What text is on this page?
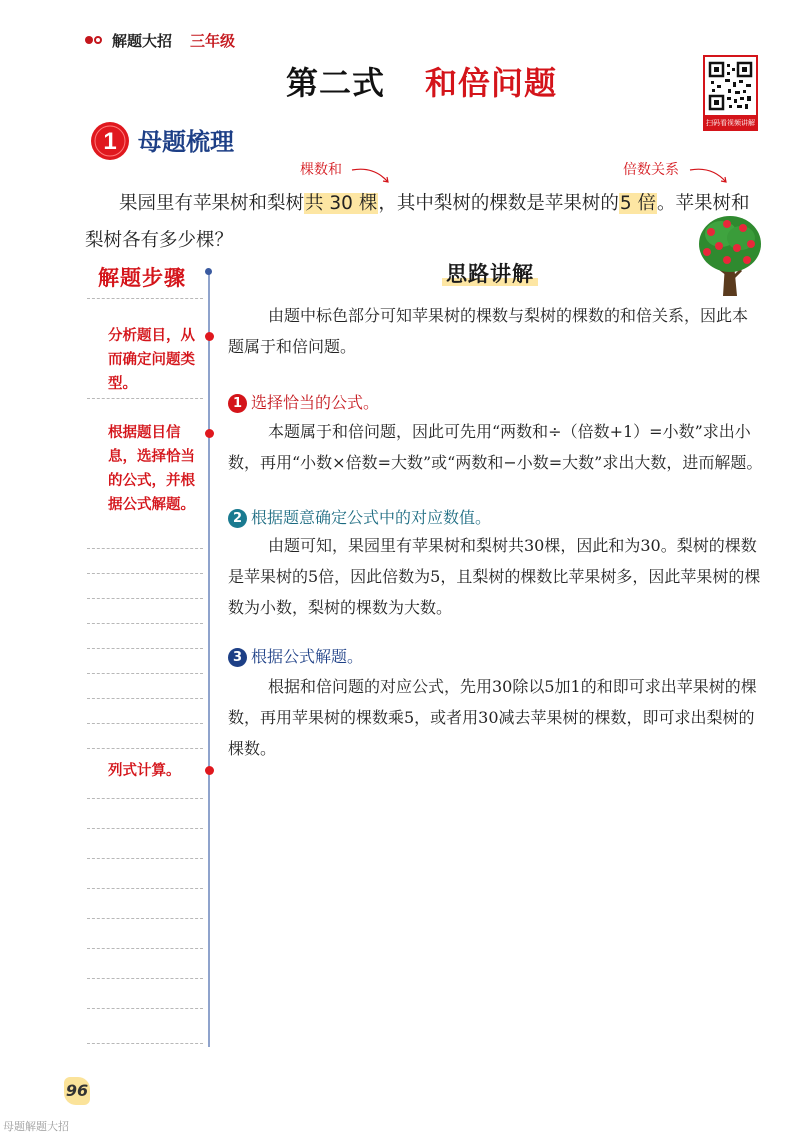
解题大招 三年级
第二式 和倍问题
扫码看视频讲解
1 母题梳理
棵数和	倍数关系
果园里有苹果树和梨树共 30 棵，其中梨树的棵数是苹果树的5 倍。苹果树和梨树各有多少棵？
解题步骤
分析题目，从而确定问题类型。
根据题目信息，选择恰当的公式，并根据公式解题。
列式计算。
思路讲解
由题中标色部分可知苹果树的棵数与梨树的棵数的和倍关系，因此本题属于和倍问题。
1 选择恰当的公式。
本题属于和倍问题，因此可先用“两数和÷（倍数+1）=小数”求出小数，再用“小数×倍数=大数”或“两数和−小数=大数”求出大数，进而解题。
2 根据题意确定公式中的对应数值。
由题可知，果园里有苹果树和梨树共30棵，因此和为30。梨树的棵数是苹果树的5倍，因此倍数为5，且梨树的棵数比苹果树多，因此苹果树的棵数为小数，梨树的棵数为大数。
3 根据公式解题。
根据和倍问题的对应公式，先用30除以5加1的和即可求出苹果树的棵数，再用苹果树的棵数乘5，或者用30减去苹果树的棵数，即可求出梨树的棵数。
96
母题解题大招
